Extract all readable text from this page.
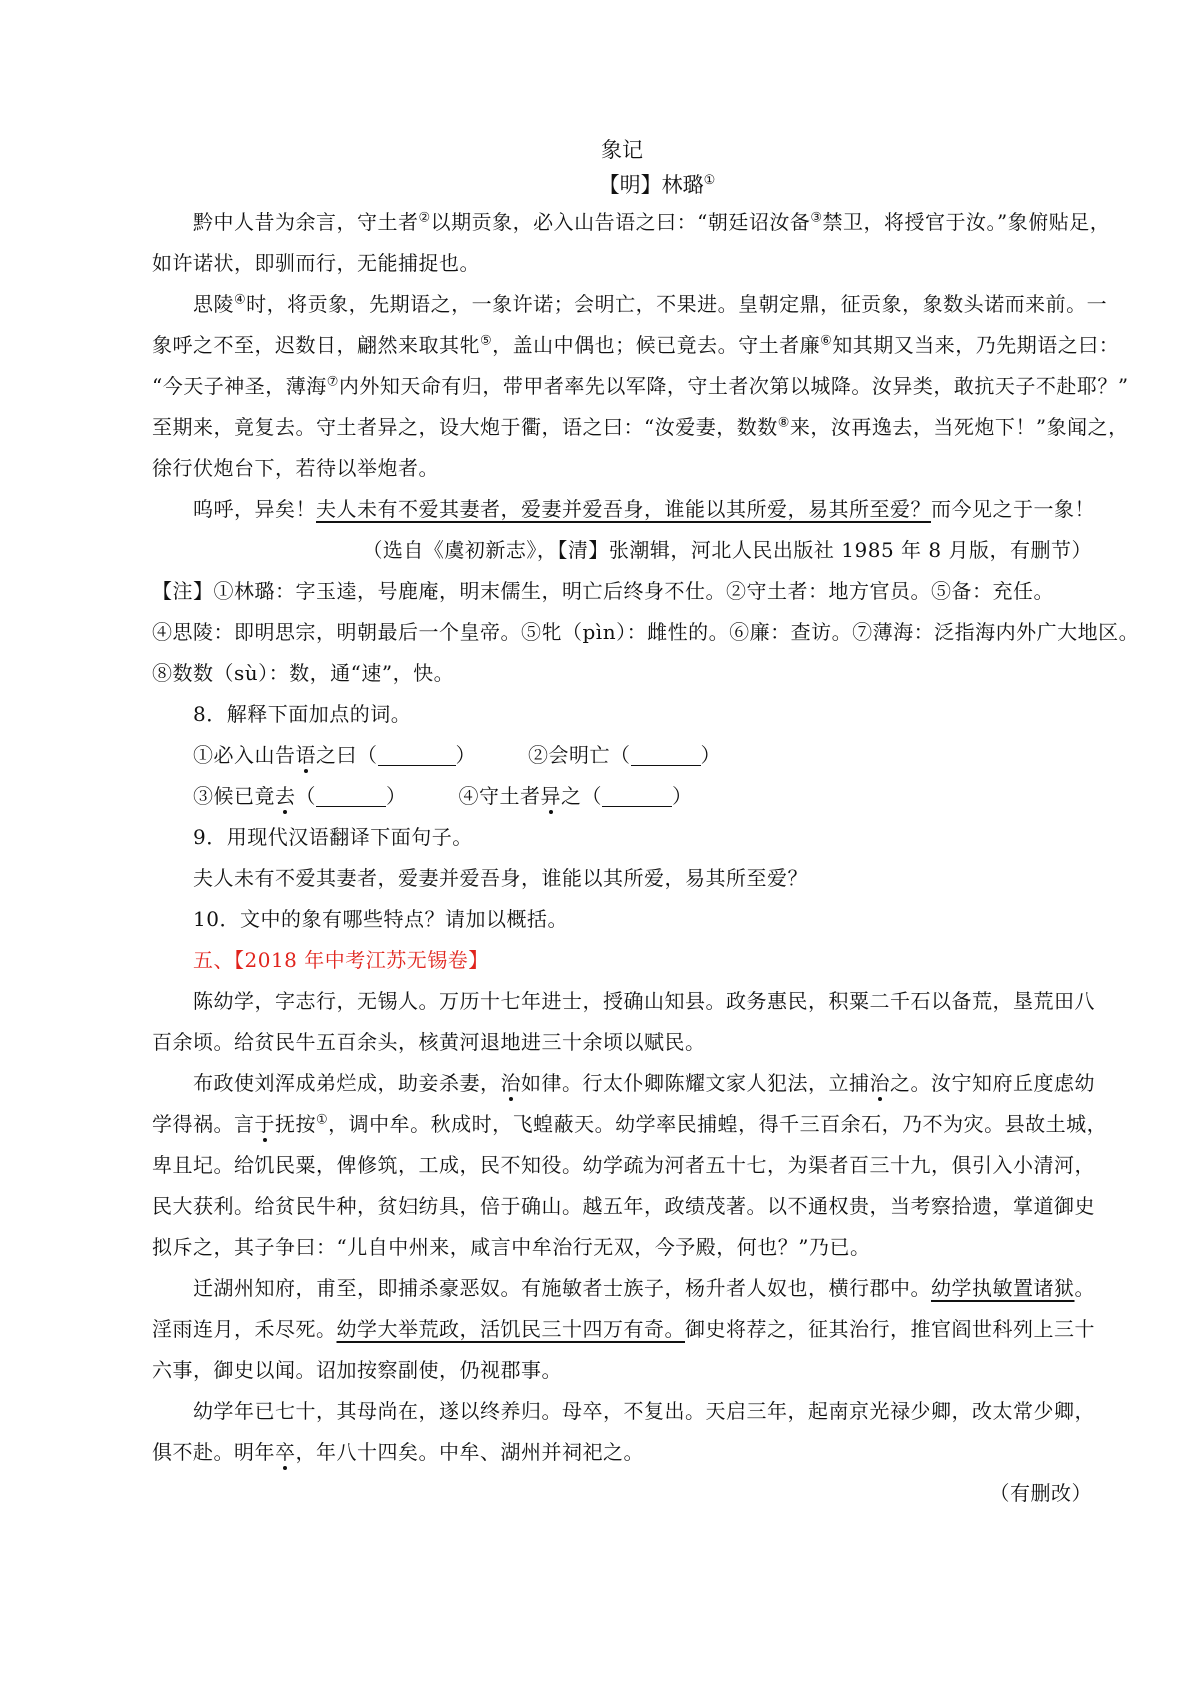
象记
【明】林璐①
　　黔中人昔为余言，守土者②以期贡象，必入山告语之曰：“朝廷诏汝备③禁卫，将授官于汝。”象俯贴足，
如许诺状，即驯而行，无能捕捉也。
　　思陵④时，将贡象，先期语之，一象许诺；会明亡，不果进。皇朝定鼎，征贡象，象数头诺而来前。一
象呼之不至，迟数日，翩然来取其牝⑤，盖山中偶也；候已竟去。守土者廉⑥知其期又当来，乃先期语之曰：
“今天子神圣，薄海⑦内外知天命有归，带甲者率先以军降，守土者次第以城降。汝异类，敢抗天子不赴耶？”
至期来，竟复去。守土者异之，设大炮于衢，语之曰：“汝爱妻，数数⑧来，汝再逸去，当死炮下！”象闻之，
徐行伏炮台下，若待以举炮者。
　　呜呼，异矣！夫人未有不爱其妻者，爱妻并爱吾身，谁能以其所爱，易其所至爱？而今见之于一象！
（选自《虞初新志》，【清】张潮辑，河北人民出版社 1985 年 8 月版，有删节）
【注】①林璐：字玉逵，号鹿庵，明末儒生，明亡后终身不仕。②守土者：地方官员。⑤备：充任。
④思陵：即明思宗，明朝最后一个皇帝。⑤牝（pìn）：雌性的。⑥廉：查访。⑦薄海：泛指海内外广大地区。
⑧数数（sù）：数，通“速”，快。
　　8．解释下面加点的词。
　　①必入山告语之曰（	）	②会明亡（	）
　　③候已竟去（	）	④守土者异之（	）
　　9．用现代汉语翻译下面句子。
　　夫人未有不爱其妻者，爱妻并爱吾身，谁能以其所爱，易其所至爱？
　　10．文中的象有哪些特点？请加以概括。
　　五、【2018 年中考江苏无锡卷】
　　陈幼学，字志行，无锡人。万历十七年进士，授确山知县。政务惠民，积粟二千石以备荒，垦荒田八
百余顷。给贫民牛五百余头，核黄河退地进三十余顷以赋民。
　　布政使刘浑成弟烂成，助妾杀妻，治如律。行太仆卿陈耀文家人犯法，立捕治之。汝宁知府丘度虑幼
学得祸。言于抚按①，调中牟。秋成时，飞蝗蔽天。幼学率民捕蝗，得千三百余石，乃不为灾。县故土城，
卑且圮。给饥民粟，俾修筑，工成，民不知役。幼学疏为河者五十七，为渠者百三十九，俱引入小清河，
民大获利。给贫民牛种，贫妇纺具，倍于确山。越五年，政绩茂著。以不通权贵，当考察拾遗，掌道御史
拟斥之，其子争曰：“儿自中州来，咸言中牟治行无双，今予殿，何也？”乃已。
　　迁湖州知府，甫至，即捕杀豪恶奴。有施敏者士族子，杨升者人奴也，横行郡中。幼学执敏置诸狱。
淫雨连月，禾尽死。幼学大举荒政，活饥民三十四万有奇。御史将荐之，征其治行，推官阎世科列上三十
六事，御史以闻。诏加按察副使，仍视郡事。
　　幼学年已七十，其母尚在，遂以终养归。母卒，不复出。天启三年，起南京光禄少卿，改太常少卿，
俱不赴。明年卒，年八十四矣。中牟、湖州并祠祀之。
（有删改）
